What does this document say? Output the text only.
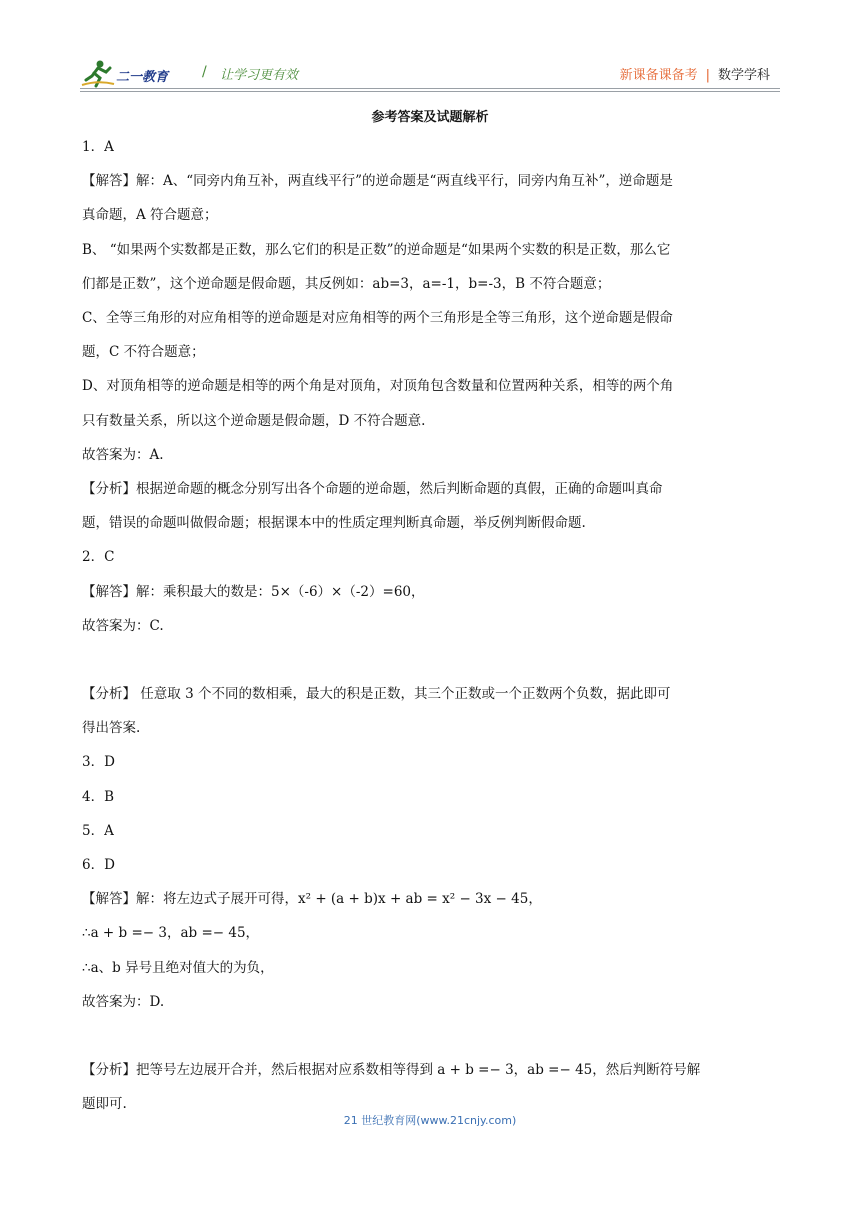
二一教育 / 让学习更有效	新课备课备考 | 数学学科
参考答案及试题解析

1．A

【解答】解：A、“同旁内角互补，两直线平行”的逆命题是“两直线平行，同旁内角互补”，逆命题是

真命题，A 符合题意；

B、 “如果两个实数都是正数，那么它们的积是正数”的逆命题是“如果两个实数的积是正数，那么它

们都是正数”，这个逆命题是假命题，其反例如：ab=3，a=-1，b=-3，B 不符合题意；

C、全等三角形的对应角相等的逆命题是对应角相等的两个三角形是全等三角形，这个逆命题是假命

题，C 不符合题意；

D、对顶角相等的逆命题是相等的两个角是对顶角，对顶角包含数量和位置两种关系，相等的两个角

只有数量关系，所以这个逆命题是假命题，D 不符合题意.

故答案为：A.

【分析】根据逆命题的概念分别写出各个命题的逆命题，然后判断命题的真假，正确的命题叫真命

题，错误的命题叫做假命题；根据课本中的性质定理判断真命题，举反例判断假命题.

2．C

【解答】解：乘积最大的数是：5×（-6）×（-2）=60，

故答案为：C.

【分析】 任意取 3 个不同的数相乘，最大的积是正数，其三个正数或一个正数两个负数，据此即可

得出答案.

3．D

4．B

5．A

6．D

【解答】解：将左边式子展开可得，x² + (a + b)x + ab = x² − 3x − 45，

∴a + b =− 3，ab =− 45，

∴a、b 异号且绝对值大的为负，

故答案为：D.

【分析】把等号左边展开合并，然后根据对应系数相等得到 a + b =− 3，ab =− 45，然后判断符号解

题即可.

21 世纪教育网(www.21cnjy.com)
